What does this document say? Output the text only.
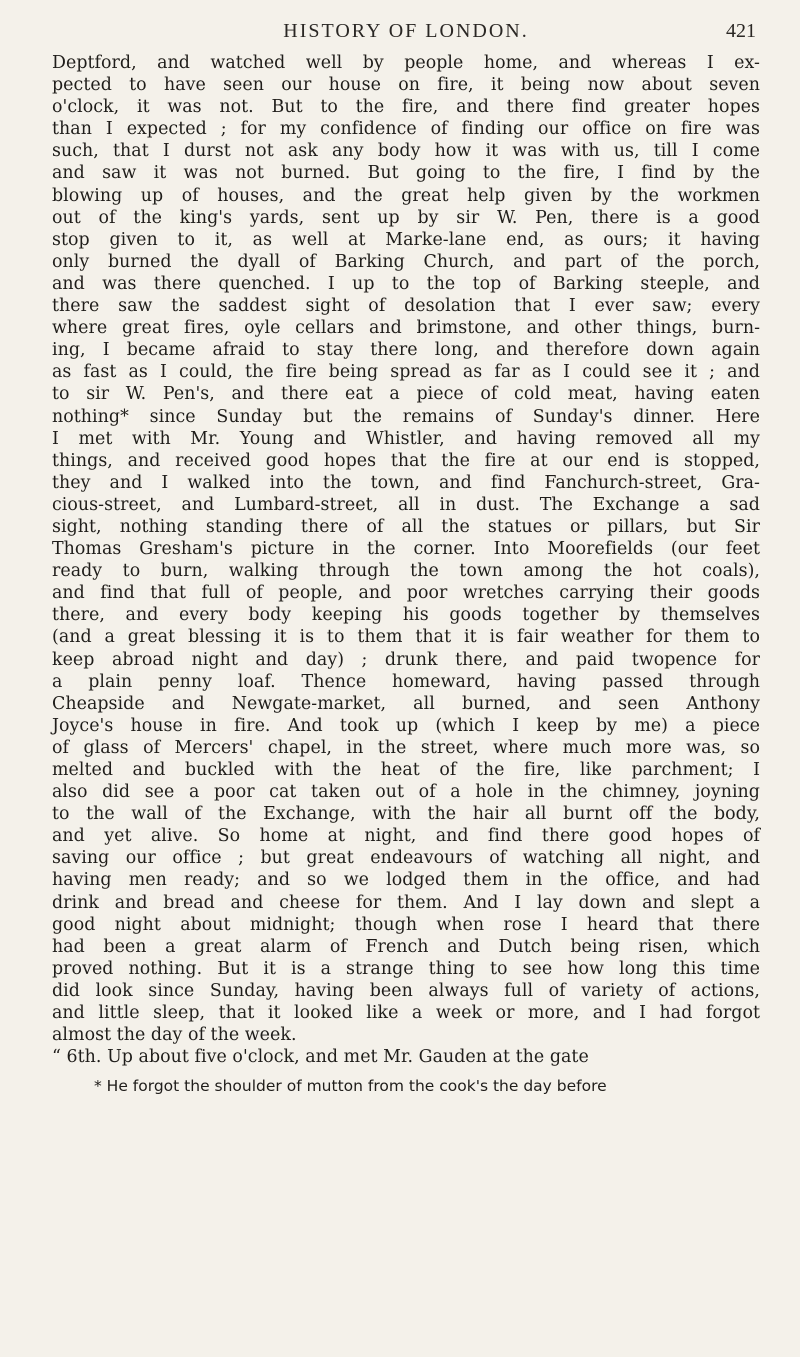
HISTORY OF LONDON.	421
Deptford, and watched well by people home, and whereas I ex-
pected to have seen our house on fire, it being now about seven
o'clock, it was not. But to the fire, and there find greater hopes
than I expected ; for my confidence of finding our office on fire was
such, that I durst not ask any body how it was with us, till I come
and saw it was not burned. But going to the fire, I find by the
blowing up of houses, and the great help given by the workmen
out of the king's yards, sent up by sir W. Pen, there is a good
stop given to it, as well at Marke-lane end, as ours; it having
only burned the dyall of Barking Church, and part of the porch,
and was there quenched. I up to the top of Barking steeple, and
there saw the saddest sight of desolation that I ever saw; every
where great fires, oyle cellars and brimstone, and other things, burn-
ing, I became afraid to stay there long, and therefore down again
as fast as I could, the fire being spread as far as I could see it ; and
to sir W. Pen's, and there eat a piece of cold meat, having eaten
nothing* since Sunday but the remains of Sunday's dinner. Here
I met with Mr. Young and Whistler, and having removed all my
things, and received good hopes that the fire at our end is stopped,
they and I walked into the town, and find Fanchurch-street, Gra-
cious-street, and Lumbard-street, all in dust. The Exchange a sad
sight, nothing standing there of all the statues or pillars, but Sir
Thomas Gresham's picture in the corner. Into Moorefields (our feet
ready to burn, walking through the town among the hot coals),
and find that full of people, and poor wretches carrying their goods
there, and every body keeping his goods together by themselves
(and a great blessing it is to them that it is fair weather for them to
keep abroad night and day) ; drunk there, and paid twopence for
a plain penny loaf. Thence homeward, having passed through
Cheapside and Newgate-market, all burned, and seen Anthony
Joyce's house in fire. And took up (which I keep by me) a piece
of glass of Mercers' chapel, in the street, where much more was, so
melted and buckled with the heat of the fire, like parchment; I
also did see a poor cat taken out of a hole in the chimney, joyning
to the wall of the Exchange, with the hair all burnt off the body,
and yet alive. So home at night, and find there good hopes of
saving our office ; but great endeavours of watching all night, and
having men ready; and so we lodged them in the office, and had
drink and bread and cheese for them. And I lay down and slept a
good night about midnight; though when rose I heard that there
had been a great alarm of French and Dutch being risen, which
proved nothing. But it is a strange thing to see how long this time
did look since Sunday, having been always full of variety of actions,
and little sleep, that it looked like a week or more, and I had forgot
almost the day of the week.
“ 6th. Up about five o'clock, and met Mr. Gauden at the gate
* He forgot the shoulder of mutton from the cook's the day before
